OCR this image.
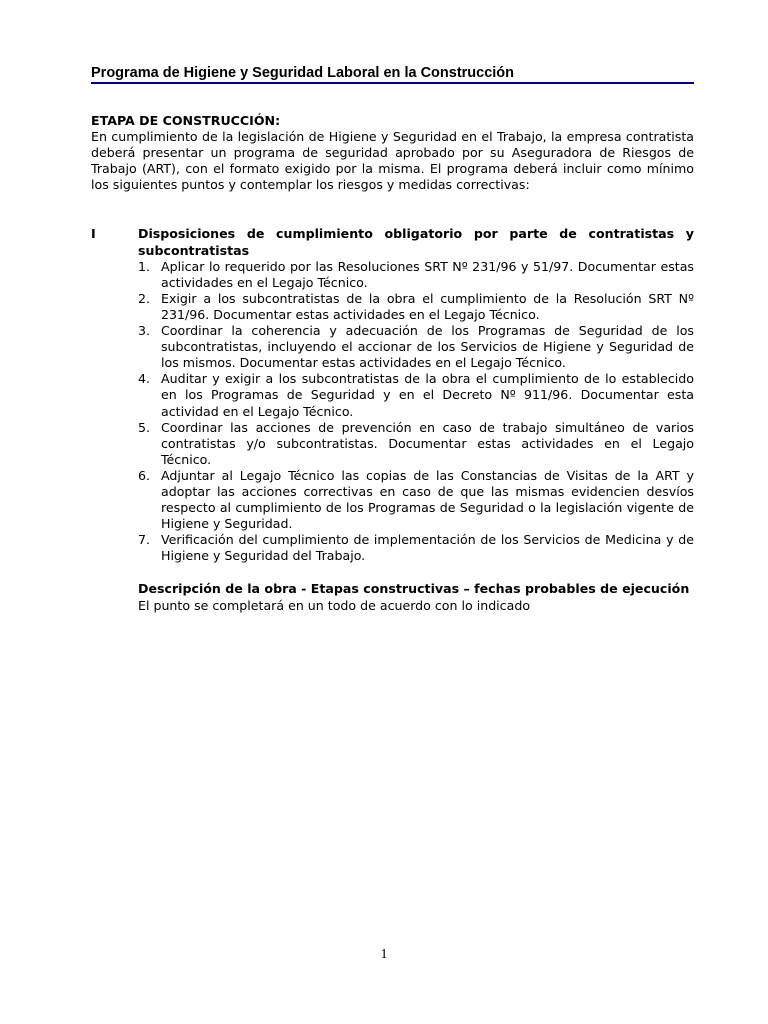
Programa de Higiene y Seguridad Laboral en la Construcción

ETAPA DE CONSTRUCCIÓN:

En cumplimiento de la legislación de Higiene y Seguridad en el Trabajo, la empresa contratista deberá presentar un programa de seguridad aprobado por su Aseguradora de Riesgos de Trabajo (ART), con el formato exigido por la misma. El programa deberá incluir como mínimo los siguientes puntos y contemplar los riesgos y medidas correctivas:

I	Disposiciones de cumplimiento obligatorio por parte de contratistas y subcontratistas

1. Aplicar lo requerido por las Resoluciones SRT Nº 231/96 y 51/97. Documentar estas actividades en el Legajo Técnico.
2. Exigir a los subcontratistas de la obra el cumplimiento de la Resolución SRT Nº 231/96. Documentar estas actividades en el Legajo Técnico.
3. Coordinar la coherencia y adecuación de los Programas de Seguridad de los subcontratistas, incluyendo el accionar de los Servicios de Higiene y Seguridad de los mismos. Documentar estas actividades en el Legajo Técnico.
4. Auditar y exigir a los subcontratistas de la obra el cumplimiento de lo establecido en los Programas de Seguridad y en el Decreto Nº 911/96. Documentar esta actividad en el Legajo Técnico.
5. Coordinar las acciones de prevención en caso de trabajo simultáneo de varios contratistas y/o subcontratistas. Documentar estas actividades en el Legajo Técnico.
6. Adjuntar al Legajo Técnico las copias de las Constancias de Visitas de la ART y adoptar las acciones correctivas en caso de que las mismas evidencien desvíos respecto al cumplimiento de los Programas de Seguridad o la legislación vigente de Higiene y Seguridad.
7. Verificación del cumplimiento de implementación de los Servicios de Medicina y de Higiene y Seguridad del Trabajo.

Descripción de la obra - Etapas constructivas – fechas probables de ejecución

El punto se completará en un todo de acuerdo con lo indicado

1
